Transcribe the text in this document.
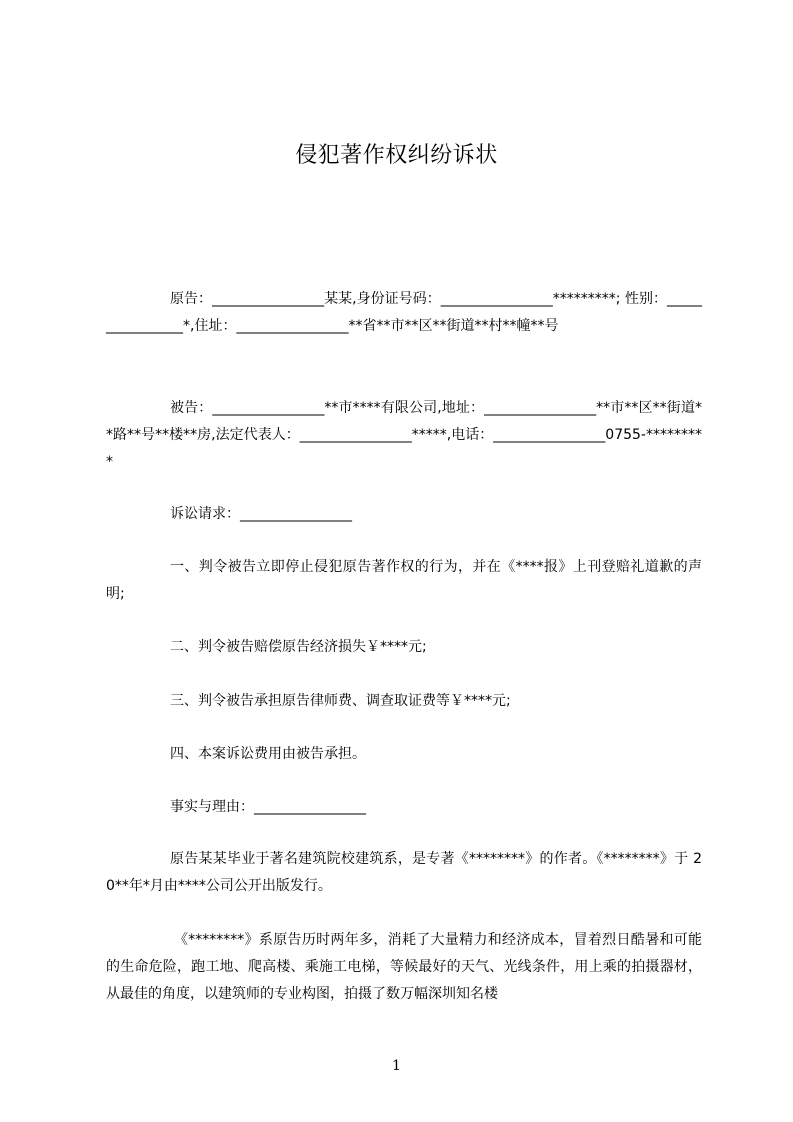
侵犯著作权纠纷诉状
原告：________________某某,身份证号码：________________*********; 性别：________________*,住址：________________**省**市**区**街道**村**幢**号
被告：________________**市****有限公司,地址：________________**市**区**街道**路**号**楼**房,法定代表人：________________*****,电话：________________0755-*********
诉讼请求：________________
一、判令被告立即停止侵犯原告著作权的行为，并在《****报》上刊登赔礼道歉的声明;
二、判令被告赔偿原告经济损失￥****元;
三、判令被告承担原告律师费、调查取证费等￥****元;
四、本案诉讼费用由被告承担。
事实与理由：________________
原告某某毕业于著名建筑院校建筑系，是专著《********》的作者。《********》于 20**年*月由****公司公开出版发行。
《********》系原告历时两年多，消耗了大量精力和经济成本，冒着烈日酷暑和可能的生命危险，跑工地、爬高楼、乘施工电梯，等候最好的天气、光线条件，用上乘的拍摄器材，从最佳的角度，以建筑师的专业构图，拍摄了数万幅深圳知名楼
1
